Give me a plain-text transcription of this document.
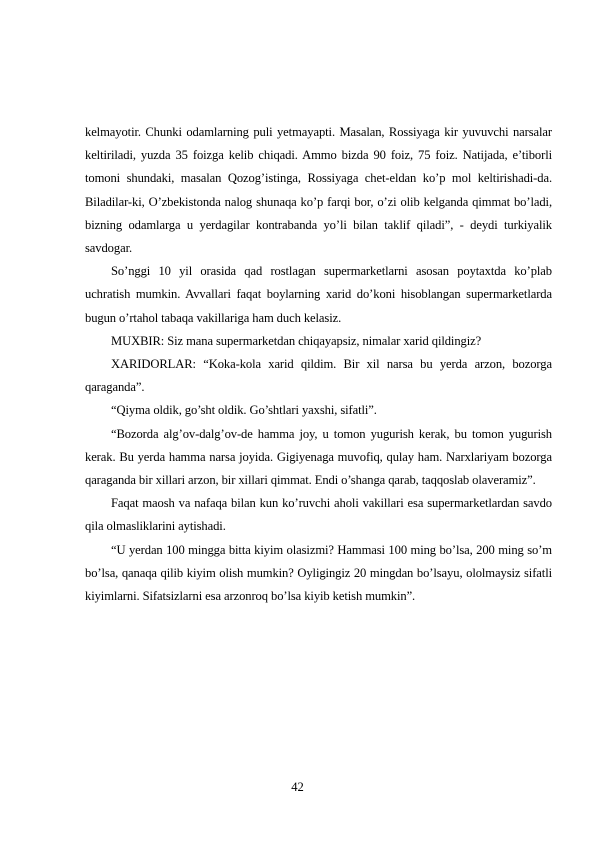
kelmayotir. Chunki odamlarning puli yetmayapti. Masalan, Rossiyaga kir yuvuvchi narsalar keltiriladi, yuzda 35 foizga kelib chiqadi. Ammo bizda 90 foiz, 75 foiz. Natijada, e’tiborli tomoni shundaki, masalan Qozog’istinga, Rossiyaga chet-eldan ko’p mol keltirishadi-da. Biladilar-ki, O’zbekistonda nalog shunaqa ko’p farqi bor, o’zi olib kelganda qimmat bo’ladi, bizning odamlarga u yerdagilar kontrabanda yo’li bilan taklif qiladi”, - deydi turkiyalik savdogar.

So’nggi 10 yil orasida qad rostlagan supermarketlarni asosan poytaxtda ko’plab uchratish mumkin. Avvallari faqat boylarning xarid do’koni hisoblangan supermarketlarda bugun o’rtahol tabaqa vakillariga ham duch kelasiz.

MUXBIR: Siz mana supermarketdan chiqayapsiz, nimalar xarid qildingiz?

XARIDORLAR: “Koka-kola xarid qildim. Bir xil narsa bu yerda arzon, bozorga qaraganda”.

“Qiyma oldik, go’sht oldik. Go’shtlari yaxshi, sifatli”.

“Bozorda alg’ov-dalg’ov-de hamma joy, u tomon yugurish kerak, bu tomon yugurish kerak. Bu yerda hamma narsa joyida. Gigiyenaga muvofiq, qulay ham. Narxlariyam bozorga qaraganda bir xillari arzon, bir xillari qimmat. Endi o’shanga qarab, taqqoslab olaveramiz”.

Faqat maosh va nafaqa bilan kun ko’ruvchi aholi vakillari esa supermarketlardan savdo qila olmasliklarini aytishadi.

“U yerdan 100 mingga bitta kiyim olasizmi? Hammasi 100 ming bo’lsa, 200 ming so’m bo’lsa, qanaqa qilib kiyim olish mumkin? Oyligingiz 20 mingdan bo’lsayu, ololmaysiz sifatli kiyimlarni. Sifatsizlarni esa arzonroq bo’lsa kiyib ketish mumkin”.

42
